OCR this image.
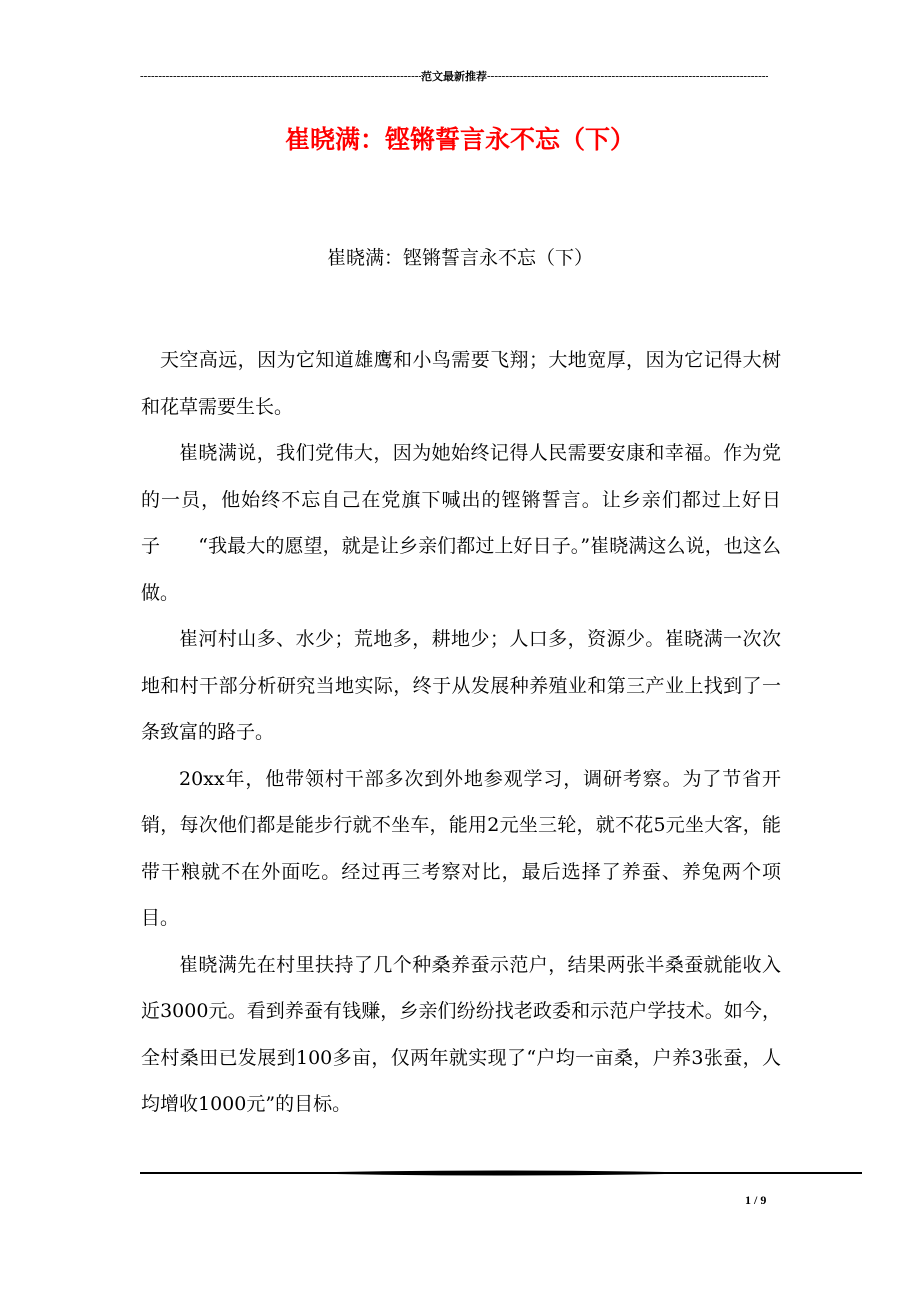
-----
范文最新推荐
-----
崔晓满：铿锵誓言永不忘（下）
崔晓满：铿锵誓言永不忘（下）

天空高远，因为它知道雄鹰和小鸟需要飞翔；大地宽厚，因为它记得大树和花草需要生长。

崔晓满说，我们党伟大，因为她始终记得人民需要安康和幸福。作为党的一员，他始终不忘自己在党旗下喊出的铿锵誓言。让乡亲们都过上好日子　　“我最大的愿望，就是让乡亲们都过上好日子。”崔晓满这么说，也这么做。

崔河村山多、水少；荒地多，耕地少；人口多，资源少。崔晓满一次次地和村干部分析研究当地实际，终于从发展种养殖业和第三产业上找到了一条致富的路子。

20xx年，他带领村干部多次到外地参观学习，调研考察。为了节省开销，每次他们都是能步行就不坐车，能用2元坐三轮，就不花5元坐大客，能带干粮就不在外面吃。经过再三考察对比，最后选择了养蚕、养兔两个项目。

崔晓满先在村里扶持了几个种桑养蚕示范户，结果两张半桑蚕就能收入近3000元。看到养蚕有钱赚，乡亲们纷纷找老政委和示范户学技术。如今，全村桑田已发展到100多亩，仅两年就实现了“户均一亩桑，户养3张蚕，人均增收1000元”的目标。

1 / 9
